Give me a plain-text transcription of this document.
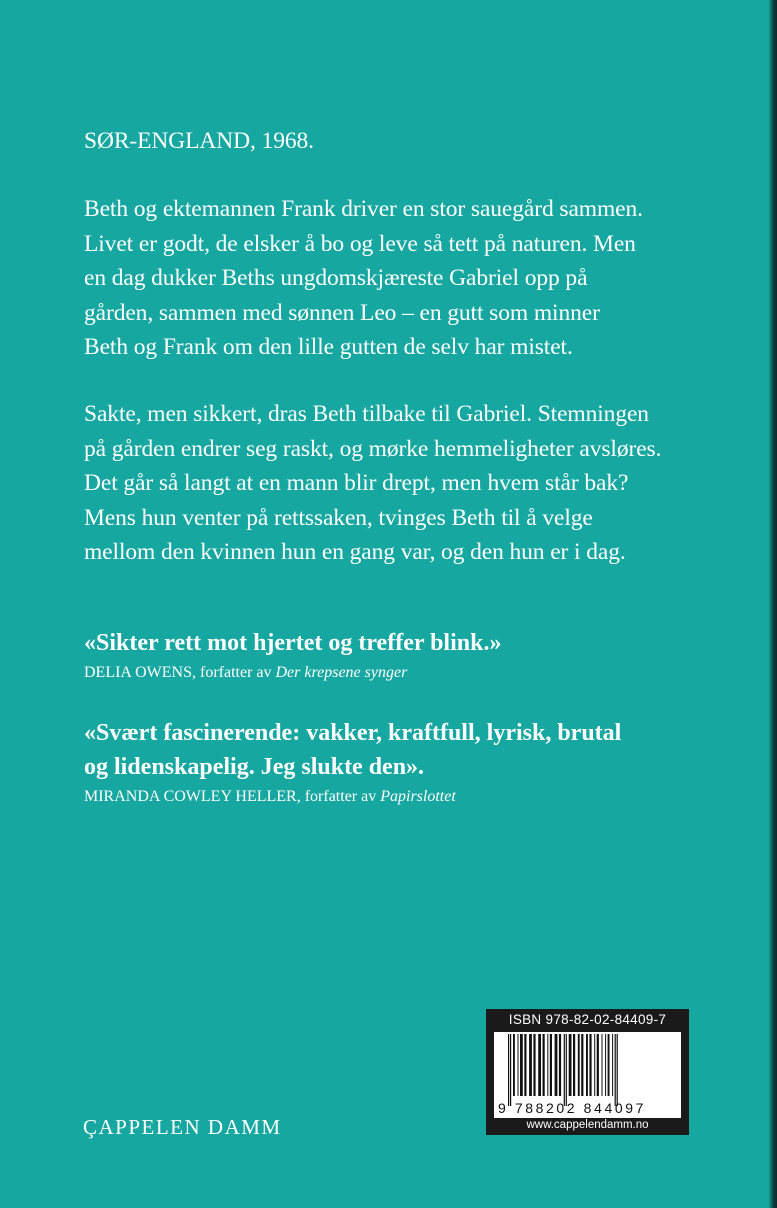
SØR-ENGLAND, 1968.
Beth og ektemannen Frank driver en stor sauegård sammen.
Livet er godt, de elsker å bo og leve så tett på naturen. Men
en dag dukker Beths ungdomskjæreste Gabriel opp på
gården, sammen med sønnen Leo – en gutt som minner
Beth og Frank om den lille gutten de selv har mistet.
Sakte, men sikkert, dras Beth tilbake til Gabriel. Stemningen
på gården endrer seg raskt, og mørke hemmeligheter avsløres.
Det går så langt at en mann blir drept, men hvem står bak?
Mens hun venter på rettssaken, tvinges Beth til å velge
mellom den kvinnen hun en gang var, og den hun er i dag.
«Sikter rett mot hjertet og treffer blink.»
DELIA OWENS, forfatter av Der krepsene synger
«Svært fascinerende: vakker, kraftfull, lyrisk, brutal
og lidenskapelig. Jeg slukte den».
MIRANDA COWLEY HELLER, forfatter av Papirslottet
ÇAPPELEN DAMM
ISBN 978-82-02-84409-7
9 788202 844097
www.cappelendamm.no
